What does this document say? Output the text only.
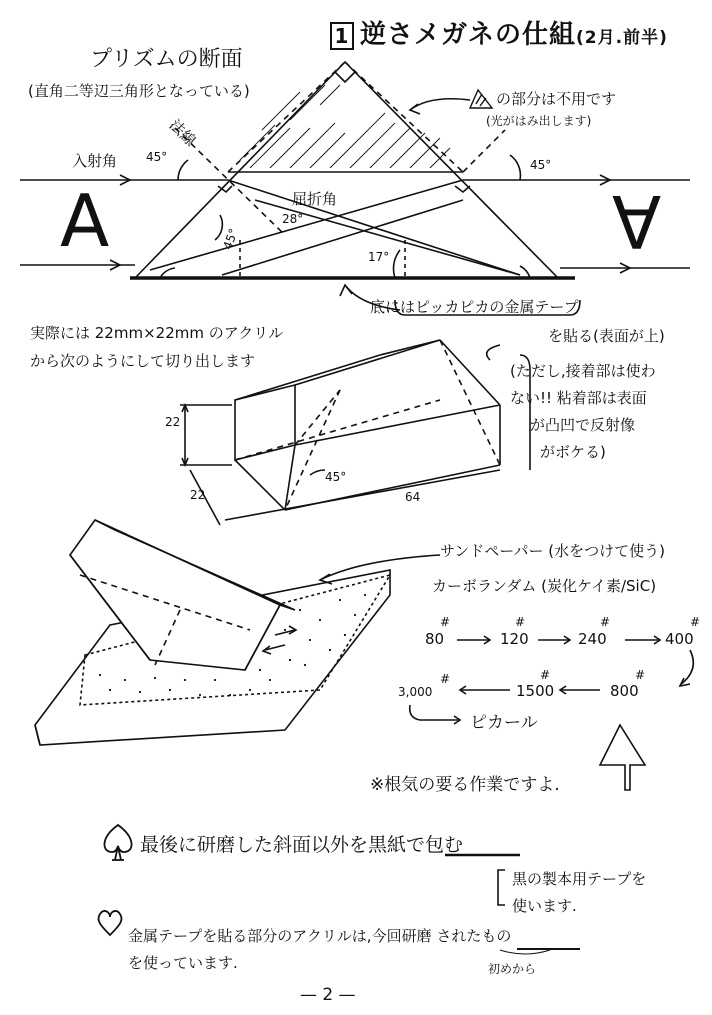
1 逆さメガネの仕組(2月.前半)
プリズムの断面
(直角二等辺三角形となっている)
法線
入射角 45°
45°
屈折角
28°
45°
17°
A	A
の部分は不用です
(光がはみ出します)
底にはピッカピカの金属テープ
を貼る(表面が上)
(ただし,接着部は使わ
ない!! 粘着部は表面
が凸凹で反射像
がボケる)
実際には 22mm×22mm のアクリル
から次のようにして切り出します
22
22	64
45°
サンドペーパー (水をつけて使う)
カーボランダム (炭化ケイ素/SiC)
80	120	240	400
#	#	#	#
3,000	1500	800
#	#	#
ピカール
※根気の要る作業ですよ.
最後に研磨した斜面以外を黒紙で包む
黒の製本用テープを
使います.
金属テープを貼る部分のアクリルは,今回研磨 されたもの
を使っています.	初めから
— 2 —
